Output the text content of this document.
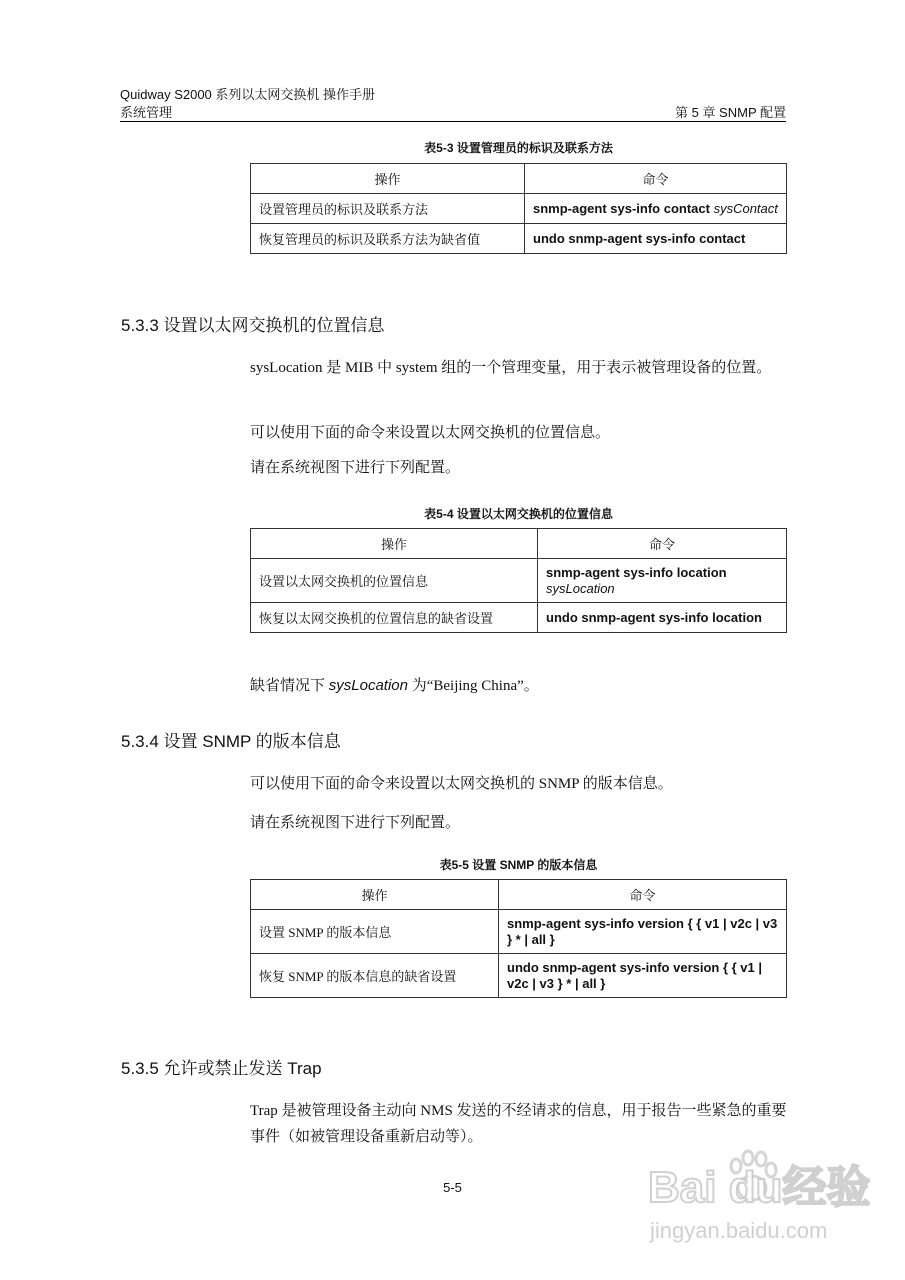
Quidway S2000 系列以太网交换机 操作手册
系统管理	第 5 章 SNMP 配置
表5-3 设置管理员的标识及联系方法
操作	命令
设置管理员的标识及联系方法	snmp-agent sys-info contact sysContact
恢复管理员的标识及联系方法为缺省值	undo snmp-agent sys-info contact
5.3.3 设置以太网交换机的位置信息
sysLocation 是 MIB 中 system 组的一个管理变量，用于表示被管理设备的位置。
可以使用下面的命令来设置以太网交换机的位置信息。
请在系统视图下进行下列配置。
表5-4 设置以太网交换机的位置信息
操作	命令
设置以太网交换机的位置信息	snmp-agent sys-info location
sysLocation
恢复以太网交换机的位置信息的缺省设置	undo snmp-agent sys-info location
缺省情况下 sysLocation 为“Beijing China”。
5.3.4 设置 SNMP 的版本信息
可以使用下面的命令来设置以太网交换机的 SNMP 的版本信息。
请在系统视图下进行下列配置。
表5-5 设置 SNMP 的版本信息
操作	命令
设置 SNMP 的版本信息	snmp-agent sys-info version { { v1 | v2c | v3 } * | all }
恢复 SNMP 的版本信息的缺省设置	undo snmp-agent sys-info version { { v1 | v2c | v3 } * | all }
5.3.5 允许或禁止发送 Trap
Trap 是被管理设备主动向 NMS 发送的不经请求的信息，用于报告一些紧急的重要事件（如被管理设备重新启动等）。
5-5	Bai du经验
jingyan.baidu.com
